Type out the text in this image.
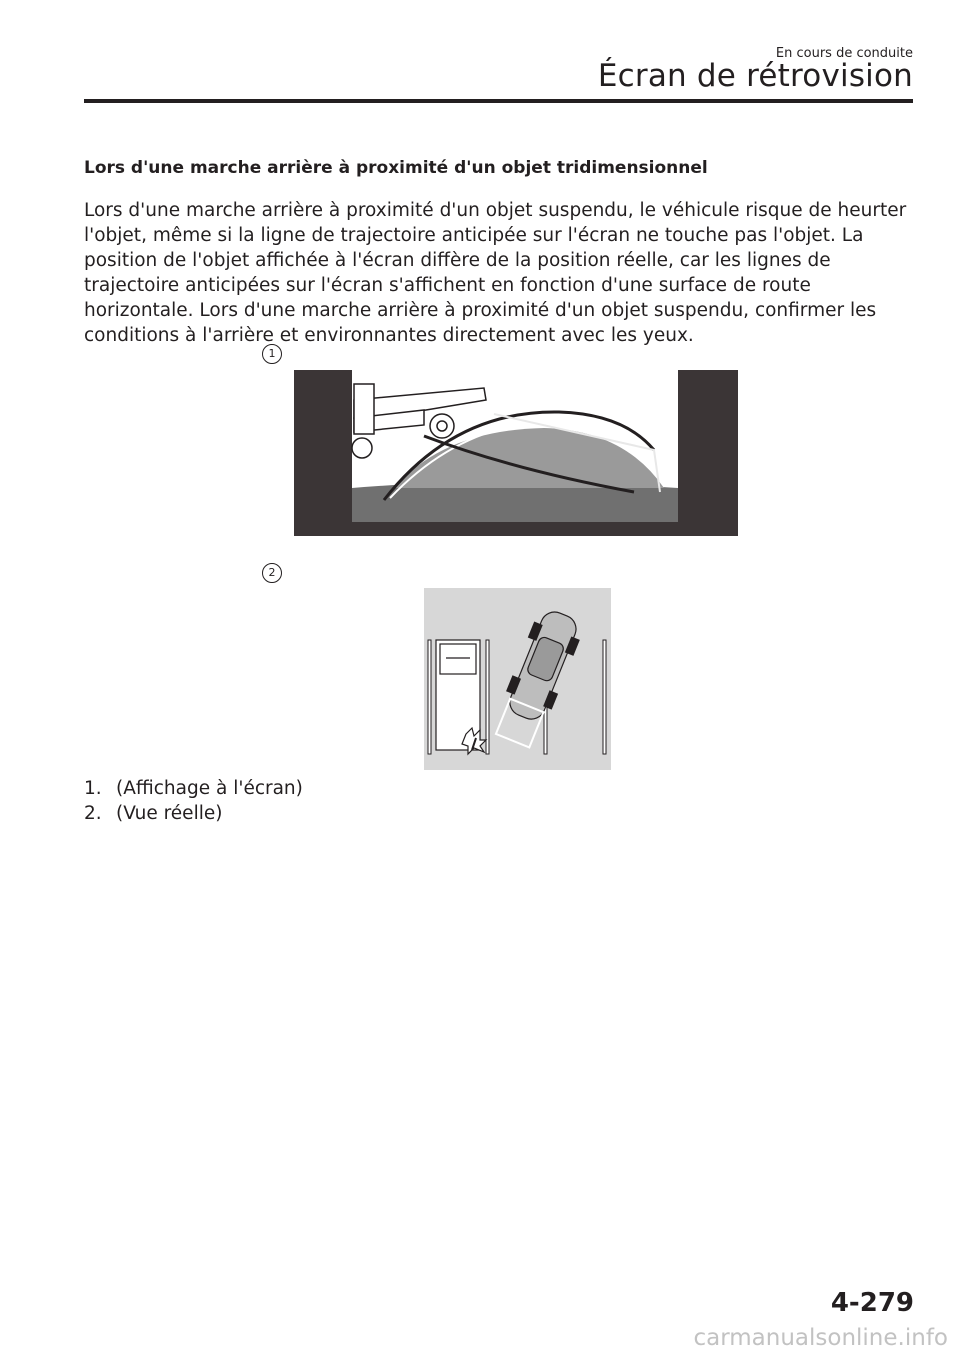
En cours de conduite
Écran de rétrovision
Lors d'une marche arrière à proximité d'un objet tridimensionnel

Lors d'une marche arrière à proximité d'un objet suspendu, le véhicule risque de heurter l'objet, même si la ligne de trajectoire anticipée sur l'écran ne touche pas l'objet. La position de l'objet affichée à l'écran diffère de la position réelle, car les lignes de trajectoire anticipées sur l'écran s'affichent en fonction d'une surface de route horizontale. Lors d'une marche arrière à proximité d'un objet suspendu, confirmer les conditions à l'arrière et environnantes directement avec les yeux.

1
2
1. (Affichage à l'écran)
2. (Vue réelle)
4-279
carmanualsonline.info
